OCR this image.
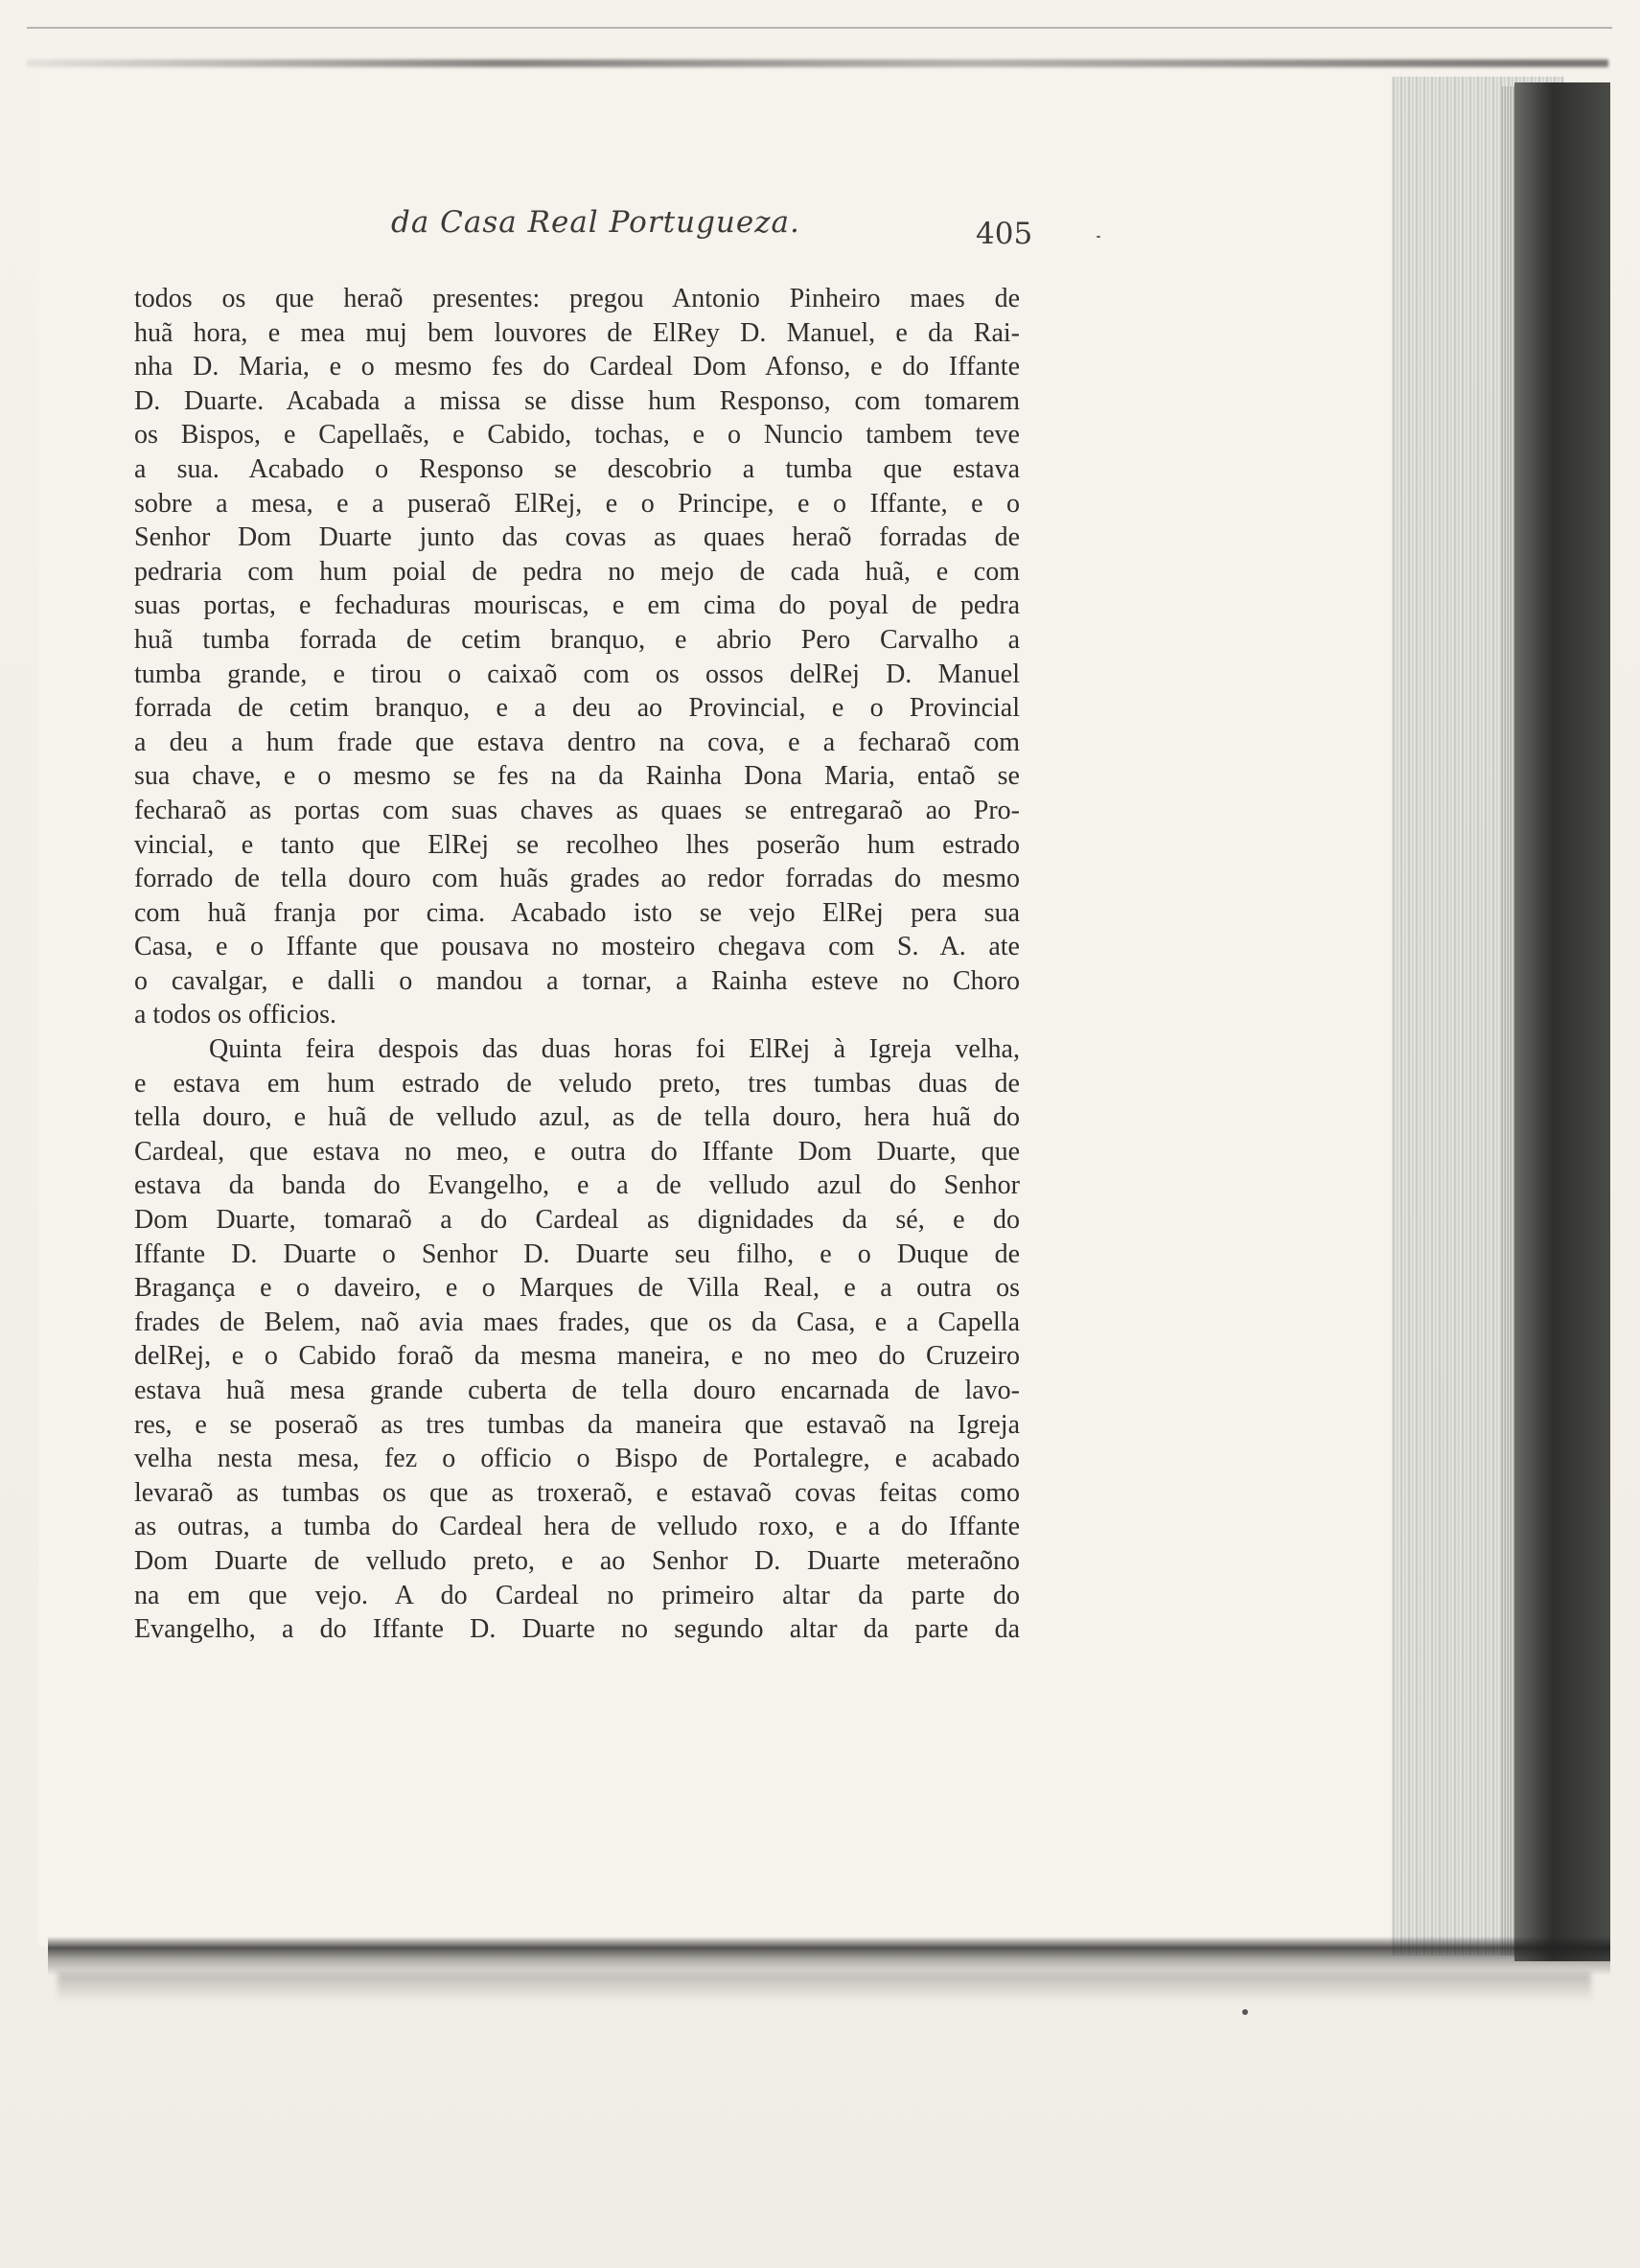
da Casa Real Portugueza.	405
todos os que heraõ presentes: pregou Antonio Pinheiro maes de
huã hora, e mea muj bem louvores de ElRey D. Manuel, e da Rai-
nha D. Maria, e o mesmo fes do Cardeal Dom Afonso, e do Iffante
D. Duarte. Acabada a missa se disse hum Responso, com tomarem
os Bispos, e Capellaẽs, e Cabido, tochas, e o Nuncio tambem teve
a sua. Acabado o Responso se descobrio a tumba que estava
sobre a mesa, e a puseraõ ElRej, e o Principe, e o Iffante, e o
Senhor Dom Duarte junto das covas as quaes heraõ forradas de
pedraria com hum poial de pedra no mejo de cada huã, e com
suas portas, e fechaduras mouriscas, e em cima do poyal de pedra
huã tumba forrada de cetim branquo, e abrio Pero Carvalho a
tumba grande, e tirou o caixaõ com os ossos delRej D. Manuel
forrada de cetim branquo, e a deu ao Provincial, e o Provincial
a deu a hum frade que estava dentro na cova, e a fecharaõ com
sua chave, e o mesmo se fes na da Rainha Dona Maria, entaõ se
fecharaõ as portas com suas chaves as quaes se entregaraõ ao Pro-
vincial, e tanto que ElRej se recolheo lhes poserão hum estrado
forrado de tella douro com huãs grades ao redor forradas do mesmo
com huã franja por cima. Acabado isto se vejo ElRej pera sua
Casa, e o Iffante que pousava no mosteiro chegava com S. A. ate
o cavalgar, e dalli o mandou a tornar, a Rainha esteve no Choro
a todos os officios.
Quinta feira despois das duas horas foi ElRej à Igreja velha,
e estava em hum estrado de veludo preto, tres tumbas duas de
tella douro, e huã de velludo azul, as de tella douro, hera huã do
Cardeal, que estava no meo, e outra do Iffante Dom Duarte, que
estava da banda do Evangelho, e a de velludo azul do Senhor
Dom Duarte, tomaraõ a do Cardeal as dignidades da sé, e do
Iffante D. Duarte o Senhor D. Duarte seu filho, e o Duque de
Bragança e o daveiro, e o Marques de Villa Real, e a outra os
frades de Belem, naõ avia maes frades, que os da Casa, e a Capella
delRej, e o Cabido foraõ da mesma maneira, e no meo do Cruzeiro
estava huã mesa grande cuberta de tella douro encarnada de lavo-
res, e se poseraõ as tres tumbas da maneira que estavaõ na Igreja
velha nesta mesa, fez o officio o Bispo de Portalegre, e acabado
levaraõ as tumbas os que as troxeraõ, e estavaõ covas feitas como
as outras, a tumba do Cardeal hera de velludo roxo, e a do Iffante
Dom Duarte de velludo preto, e ao Senhor D. Duarte meteraõno
na em que vejo. A do Cardeal no primeiro altar da parte do
Evangelho, a do Iffante D. Duarte no segundo altar da parte da
